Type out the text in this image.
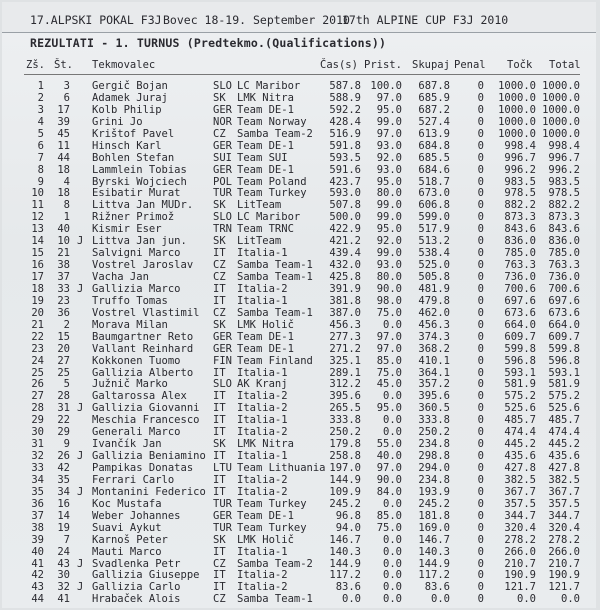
17.ALPSKI POKAL F3J Bovec 18-19. September 2010
17th ALPINE CUP F3J 2010
REZULTATI - 1. TURNUS (Predtekmo.(Qualifications))
Zš. Št. Tekmovalec	Čas(s) Prist. Skupaj Penal Točk Total
1	3 Gergič Bojan	SLO LC Maribor	587.8 100.0	687.8	0 1000.0 1000.0
2	6 Adamek Juraj	SK LMK Nitra	588.9	97.0	685.9	0 1000.0 1000.0
3	17 Kolb Philip	GER Team DE-1	592.2	95.0	687.2	0 1000.0 1000.0
4	39 Grini Jo	NOR Team Norway	428.4	99.0	527.4	0 1000.0 1000.0
5	45 Krištof Pavel	CZ Samba Team-2	516.9	97.0	613.9	0 1000.0 1000.0
6	11 Hinsch Karl	GER Team DE-1	591.8	93.0	684.8	0	998.4	998.4
7	44 Bohlen Stefan	SUI Team SUI	593.5	92.0	685.5	0	996.7	996.7
8	18 Lammlein Tobias GER Team DE-1	591.6	93.0	684.6	0	996.2	996.2
9	4 Byrski Wojciech POL Team Poland	423.7	95.0	518.7	0	983.5	983.5
10	18 Esibatir Murat	TUR Team Turkey	593.0	80.0	673.0	0	978.5	978.5
11	8 Littva Jan MUDr. SK LitTeam	507.8	99.0	606.8	0	882.2	882.2
12	1 Rižner Primož	SLO LC Maribor	500.0	99.0	599.0	0	873.3	873.3
13	40 Kismir Eser	TRN Team TRNC	422.9	95.0	517.9	0	843.6	843.6
14	10 J Littva Jan jun. SK LitTeam	421.2	92.0	513.2	0	836.0	836.0
15	21 Salvigni Marco	IT Italia-1	439.4	99.0	538.4	0	785.0	785.0
16	38 Vostrel Jaroslav CZ Samba Team-1	432.0	93.0	525.0	0	763.3	763.3
17	37 Vacha Jan	CZ Samba Team-1	425.8	80.0	505.8	0	736.0	736.0
18	33 J Gallizia Marco	IT Italia-2	391.9	90.0	481.9	0	700.6	700.6
19	23 Truffo Tomas	IT Italia-1	381.8	98.0	479.8	0	697.6	697.6
20	36 Vostrel Vlastimil CZ Samba Team-1	387.0	75.0	462.0	0	673.6	673.6
21	2 Morava Milan	SK LMK Holič	456.3	0.0	456.3	0	664.0	664.0
22	15 Baumgartner Reto GER Team DE-1	277.3	97.0	374.3	0	609.7	609.7
23	20 Vallant Reinhard GER Team DE-1	271.2	97.0	368.2	0	599.8	599.8
24	27 Kokkonen Tuomo	FIN Team Finland	325.1	85.0	410.1	0	596.8	596.8
25	25 Gallizia Alberto IT Italia-1	289.1	75.0	364.1	0	593.1	593.1
26	5 Južnič Marko	SLO AK Kranj	312.2	45.0	357.2	0	581.9	581.9
27	28 Galtarossa Alex IT Italia-2	395.6	0.0	395.6	0	575.2	575.2
28	31 J Gallizia Giovanni IT Italia-2	265.5	95.0	360.5	0	525.6	525.6
29	22 Meschia Francesco IT Italia-1	333.8	0.0	333.8	0	485.7	485.7
30	29 Generali Marco	IT Italia-2	250.2	0.0	250.2	0	474.4	474.4
31	9 Ivančík Jan	SK LMK Nitra	179.8	55.0	234.8	0	445.2	445.2
32	26 J Gallizia Beniamino IT Italia-1	258.8	40.0	298.8	0	435.6	435.6
33	42 Pampikas Donatas LTU Team Lithuania 197.0	97.0	294.0	0	427.8	427.8
34	35 Ferrari Carlo	IT Italia-2	144.9	90.0	234.8	0	382.5	382.5
35	34 J Montanini Federico IT Italia-2	109.9	84.0	193.9	0	367.7	367.7
36	16 Koc Mustafa	TUR Team Turkey	245.2	0.0	245.2	0	357.5	357.5
37	14 Weber Johannes	GER Team DE-1	96.8	85.0	181.8	0	344.7	344.7
38	19 Suavi Aykut	TUR Team Turkey	94.0	75.0	169.0	0	320.4	320.4
39	7 Karnoš Peter	SK LMK Holič	146.7	0.0	146.7	0	278.2	278.2
40	24 Mauti Marco	IT Italia-1	140.3	0.0	140.3	0	266.0	266.0
41	43 J Svadlenka Petr	CZ Samba Team-2	144.9	0.0	144.9	0	210.7	210.7
42	30 Gallizia Giuseppe IT Italia-2	117.2	0.0	117.2	0	190.9	190.9
43	32 J Gallizia Carlo	IT Italia-2	83.6	0.0	83.6	0	121.7	121.7
44	41 Hrabaček Alois	CZ Samba Team-1	0.0	0.0	0.0	0	0.0	0.0
